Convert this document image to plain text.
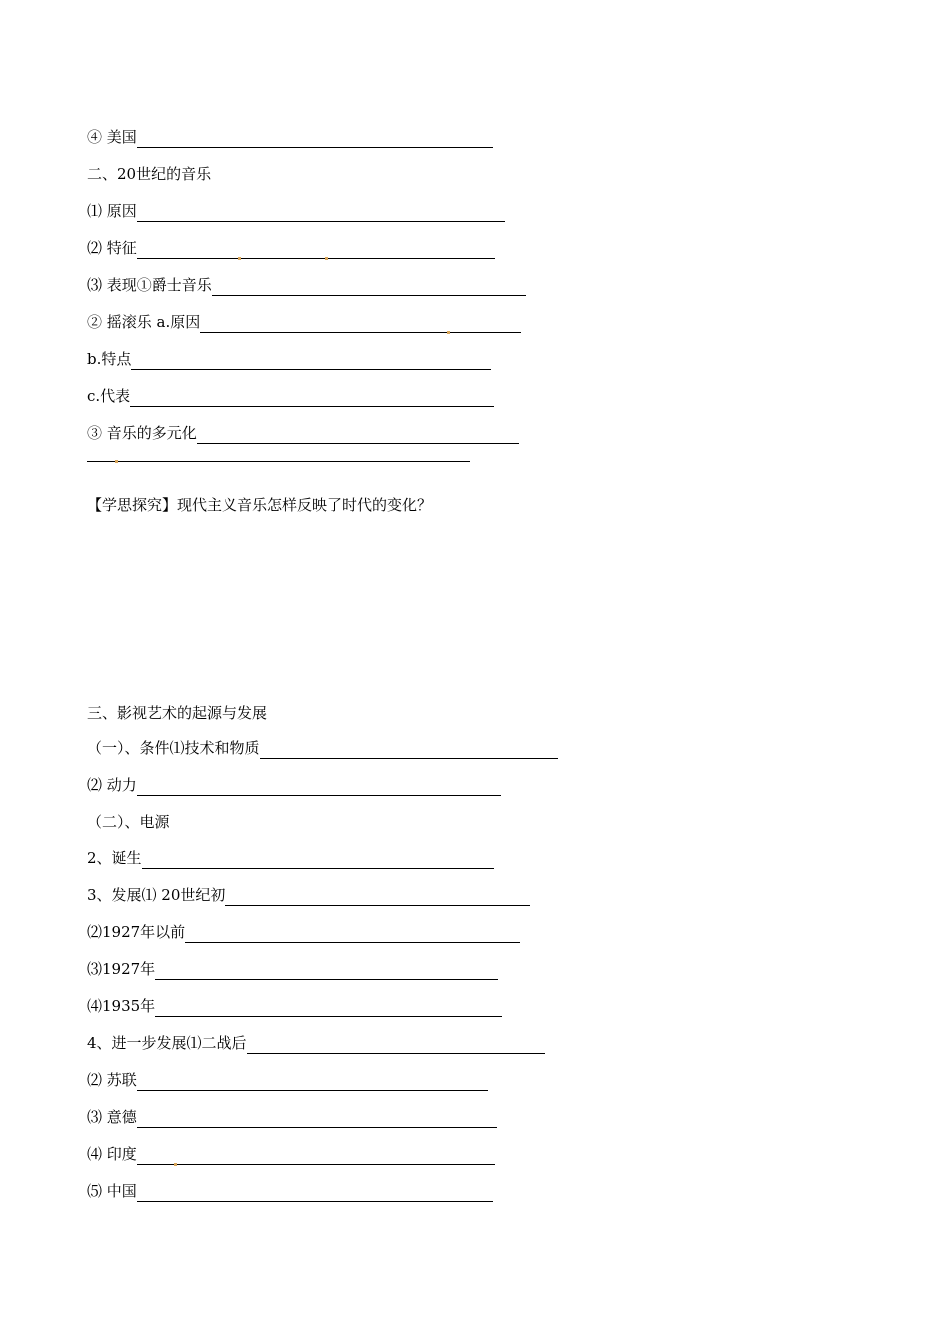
④ 美国
二、20世纪的音乐
⑴ 原因
⑵ 特征
⑶ 表现①爵士音乐
② 摇滚乐 a.原因
b.特点
c.代表
③ 音乐的多元化
【学思探究】现代主义音乐怎样反映了时代的变化？
三、影视艺术的起源与发展
（一）、条件⑴技术和物质
⑵ 动力
（二）、电源
2、诞生
3、发展⑴ 20世纪初
⑵1927年以前
⑶1927年
⑷1935年
4、进一步发展⑴二战后
⑵ 苏联
⑶ 意德
⑷ 印度
⑸ 中国
